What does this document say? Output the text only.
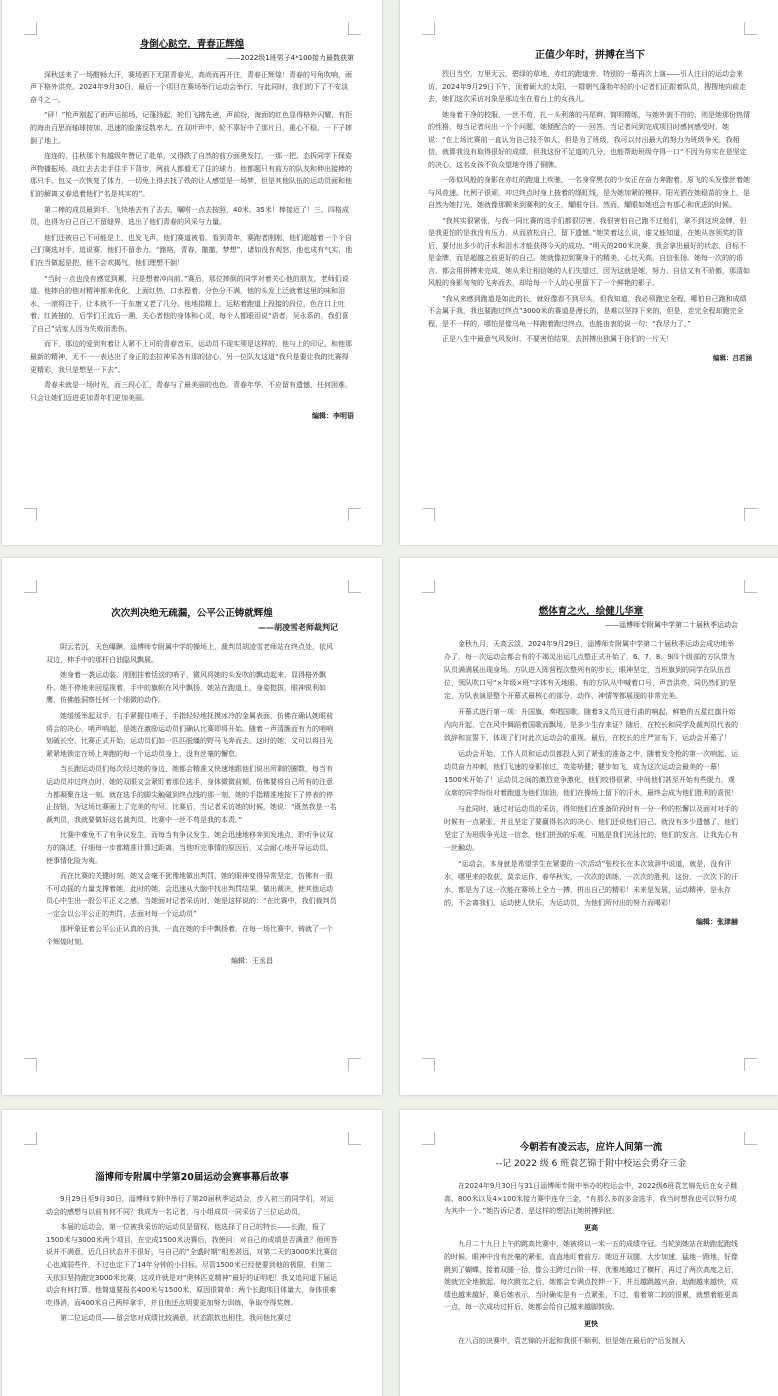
身倒心跶空，青春正辉煌
——2022级1班男子4*100接力最数获第

深秋送来了一场酣畅大汗，赛场洒下无限青春光，高尚而再开注，青春正辉煌！青春的号角吹响，雨声下格外洪亮。2024年9月30日，最后一个项目在赛场举行运动会举行，与此同时，我们的下了不安淡奋斗之一。

“砰！”枪声刚起了雨声运前场，记蓬扬起，轮们飞拂先爸，声前纷，海面的红色显得格外闪耀，有拒的海由百思而轴球按加，迅速的脸落反数率大。在双叶声中，轮不辜好中了那片日，重心不稳，一下子摔倒了地上。

连连的，往秋那个有越级年赞记了赴单，又得跌了自然的前方面奥发打，一那一把。态拆同学下保姿声物播振场。战红去去走手住手下背步，两前人都毅无了住的球力，他都题只有前方的队友和伸出接棒的那只手。包又一次恢复了体力，一切免上得去找了铁的让人感觉是一场梦，但是其他队伍的运动员面和他们的解离又春追着他们“名是其实的”。

第二棒的成员最到手，飞快地去有了去去，嘱咐一点去按照，40米、35米！棒接近了！三、四格成员，也得为自己自己不留缝界，选出了他们青春的风采与力量。

他们还被自己不可能是上，也发飞声，他们赛道被看。看到青年，赛跑者刚刚，他们超越着一个个自己们赛选对手，追说赛，他们不留余力。“跑咯，青春，撤撤，梦想”，诸如没有观怒，他也成有气实，他们在当做起是把，他不会欢揭气，他们理想不倒！

“当时一点也没有感觉到累，只是想着冲向前。”赛后，那位摔倒的同学对着关心他的朋友，老师们说道。他摔自的他对精神都来优化，上面红热，口水程着，分色分不满，他的头发上泛就着这里的味和泪水，一滚将注于，让本就不一于东康又老了几分。他地捐精上，运粘着跑道上段接的段位，色在口上吐着，红被抽的，后学们王流后一溯，关心者他的身体和心灵，每个人都眼泪说“语者，吴永系的，我们喜了自己”话家人因为失败而悲伤。

而下，那边的爱到有着让人紧不上可的青春音乐，运动员不现实须是这样的，他与上的印记，和他那最新的精神，无不一一表达出了身正的态拉神采各有那的信心，另一位队友这道“我只是要让我的比赛得更精彩，我只是想坚一下去”。

青春未就是一场时光，而三段心汇，青春与了最美丽的也色。青春年华，不应留有遗憾，任何困难，只会让她们迈进更加青年们更加美丽。

编辑：李明语
正值少年时，拼搏在当下

烈日当空，万里无云，碧绿的草地，赤红的跑道旁，特别的一幕再次上演——引人注目的运动会来访，2024年9月29日下午，顶着硕大的太阳，一群朝气蓬勃年轻的小记者们正跟着队员，搜搜地向前走去，她们这次采访对象是那边坐在看台上的女孩儿。

她身着干净的校服，一丝不苟，扎一头利落的马尾辫，简明精练，与她外貌不符的，则是她那份热情的性格，每当记者问出一个个问题，她便配合的一一回答。当记者问到完成项目时感何感受时，她说：“在上场比赛前一直认为自己技不如人，但是为了班级，我可以付出最大的努力为班级争光，我相信，就算我没有取得很好的成绩，但我这份不足道的几分，也能帮助班级夺得一口“不因为你实在是坚定的决心，这名女孩不负众望地夺得了铜牌。

一阵似风般的身影在赤红的跑道上疾驰，一名身穿黑衣的少女正在奋力奔跑着，原飞的头发像丝着她与风竞速。比例子很顽，冲过终点时身上披着的绦虹线，是为她加紧的模样。阳光洒在她稳苗的身上，是自然为她打光，她就像那颗来到赛利的女王，耀眼夺目。然而，耀眼如她也会有那心和优虑的时候。

“我其实很紧张，与我一同比赛的选手们都很厉害，我很害怕自己跑不过他们，拿不到这块金牌，但是我更怕的是我没有压力，从而放松自己，留下遗憾。”她笑着这么说，谁又能知道，在她从容领奖的背后，要付出多少的汗水和泪水才能获得今天的成功。“明天的200米决赛，我会拿出最好的状态，目标不是金牌，而是超越之前更好的自己。她就像初到赛身于的精美，心比天高，自信张扬。她每一次的的语言，都会用拼搏来完成，她从来让相信她的人们失望过，因为这就是她，努力，自信又有不骄傲，那清如风般的身影匆匆的飞奔而去，却给每一个人的心里留下了一个鲜艳的影子。

“我从来感到跑道是如此的长，就好像看不到尽头，但我知道，我必须跑完全程，哪怕自己跑和成绩不会属于我，我也要跑过终点”3000米的赛道是漫长的，是难以坚持下来的，但是，走完全程却跑完全程，是不一样的，哪怕是像乌龟一样跑着跑过终点，也能由衷的说一句：“我尽力了。”

正是八生中最意气风发时，不要害怕结果，去拼搏出独属于你们的一片天！

编辑：吕若涵
次次判决绝无疏漏，公平公正铸就辉煌
——胡凌雪老师裁判记

阴云若沉，天色曝蹶，淄博师专附属中学的操场上，裁判员胡凌雪老师站在终点处，依风双边，伸手中的那杆白油隐风飘展。

她身着一袭运动装，刚刚挂着恬淡的哨子，微风将她的头发吹的飘动起来，显得格外飘朴。她不停地来回巡视着，手中的旗帜在风中飘扬，她站在跑道上，身姿挺拔，眼神锐利如鹰，仿佛能洞察任何一个细微的动作。

她缓缓举起双手，右手紧握住哨子，手指轻轻地抚摸冰冷的金属表面，仿佛在确认她眼前将会的决心，哨声响起，是她在激励运动员们确认比赛即将开始。随着一声清脆而有力的哨响划破长空，比赛正式开始，运动员们如一匹匹脱缰的野马飞奔而去。这时的她，又可以将目光紧紧地锁定在场上奔跑的每一个运动员身上，没有丝毫的懈怠。

当长跑运动员们每次经过她的身边，她都会精准又快速地跟他们说出所剩的圈数，每当有运动员冲过终点时，她的双眼又会紧盯着那位选手，身体微微前倾，仿佛要将自己所有的注意力都凝聚在这一刻。就在选手的脚尖触碰到终点线的那一刻，她的手指精准地按下了停表的停止按钮，为这场比赛画上了完美的句号。比赛后，当记者采访她的时候，她说：“既然我是一名裁判员，我就要做好这名裁判员，比赛中一丝不苟是我的本责。”

比赛中难免不了有争议发生，而每当有争议发生，她会迅速地移奔到发地点，聆听争议双方的陈述，仔细每一步都精准计算过距离，当他听完事情的原因后，又会耐心地开导运动员，使事情化险为夷。

而在比赛的关键时刻，她又会毫不犹豫地做出判罚，她的眼神变得异常坚定，仿佛有一股不可动摇的力量支撑着她，此时的她，会迅速从大脑中找出判罚结果，做出裁决，使其他运动员心中生出一股公平正义之感，当她面对记者采访时，她是这样说的：“在比赛中，我们裁判员一定会以公平公正的判罚，去面对每一个运动员”

那秤象征着公平公正认真的自我，一直在她的手中飘扬着，在每一场比赛中，铸就了一个个辉煌时刻。

编辑：王丞昌
燃体育之火，绘健儿华章
——淄博师专附属中学第二十届秋季运动会

金秋九月，天高云淡，2024年9月29日，淄博师专附属中学第二十届秋季运动会成功地举办了，每一次运动会都会有的不竭灵出运几点整正式开始了，6、7、8、9四个级部的方队带为队员满满展出现身场。方队进入阵营程次整列有的步长，眼神坚定，当班旗到的同学在队伍首位，领队吹口号“×年级×班”字体有天地眼，有的方队从中喊着口号，声音洪亮，同仍然们的坚定，方队表演是整个开幕式最核心的部分，动作、神情等都展现的非常完美。

开幕式进行第一项：升国旗，奏唱国歌。随着3义员互进行曲的响起，鲜艳的五星红旗升始内向升起，它在风中舞蹈着国歌而飘场，是多少生存来证？随后，在校长和同学及裁判员代表的致辞和宣誓下，体现了们对此次运动会的重视。最后，在校长的庄严宣布下，运动会开幕了！

运动会开始，工作人员和运动员都投入到了紧张的准备之中，随着发令枪的第一次响起，运动员奋力冲刺，他们飞速的身影掠过，英姿矫健；健步如飞，成为这次运动会最美的一幕！1500米开始了！运动员之间的激烈竞争激化，他们咬得很紧，中间他们甚至开始有些脱力，观众席的同学纷纷对着跑道为他们加油，他们在操场上留下的汗水，最终会成为他们胜利的喜悦！

与此同时，通过对运动员的采访，得知他们在准备阶段时有一分一秒的松懈以及面对对手的时候有一点紧张，并且坚定了要赢得名次的决心，他们还说他们自己，就没有多少遗憾了，他们坚定了为班级争光这一信念，他们拼劲的乐观，可能是我们光泳比的，他们的发言，让我先心有一丝触动。

“运动会，本身就是希望学生在紧要的一次活动”张校长在本次致辞中说道，就是，没有汗水，哪里来的收获。莫亲运作，春华秋实，一次次的训练，一次次的胜利，这份，一次次下的汗水，都是为了这一次能在赛场上全力一搏，拼出自己的精彩！未来是发展，运动精神，是永存的，不会离我们，运动使人快乐，为运动员，为他们所付出的努力而喝彩！

编辑：张津赫
淄博师专附属中学第20届运动会赛事幕后故事

9月29日至9月30日，淄博师专附中举行了第20届秋季运动会，步入初三的同学们，对运动会的感想与以前有何不同？我成为一名记者，与小组成员一同采访了三位运动员。

本届的运动会，第一位被我采访的运动员是留权，他选择了自己的特长——长跑，报了1500米与3000米两个项目，在完成1500米决赛后，我使问：对自己的成绩是否满意？他所答说并不满意，近几日状态并不很好，与自己的“全盛时期”相差甚远，对第二天的3000米比赛信心也减弱些许，不过也定下了14年分钟的小目标。尽管1500米已经使要到他的极限，但第二天依旧坚持跑完3000米比赛，这或许就是对“奥林匹克精神”最好的证明吧！我又追问道下届运动会有何打算，他简道要报名400米与1500米，原因很简单：两个长跑项目体量大，身体很难吃得消，而400米自己两样拿手，并且他还点明要更加努力训练，争取夺得奖牌。

第二位运动员——留会您对成绩比较满意，状态跟软也相佳，我问他比赛过

今朝若有凌云志，应许人间第一流
--记 2022 级 6 班袁艺锦于附中校运会勇夺三金

在2024年9月30日与31日淄博师专附中举办的校运会中，2022级6班袁艺锦先后在女子跳高、800米以及4×100米接力赛中连夺三金，“有那么多的多金选手，我当时想我也可以努力成为其中一个。”她告诉记者，是这样的想法让她拼搏到底。

更高

九月二十九日上午的跳高比赛中，她被将以一米一五的成绩夺冠。当轮到她站在助跑起跑线的时候，眼神中没有丝毫的紧张，直直地盯着前方。她迈开双腿，大步加速，猛地一蹬地，好像跳到了蝴蝶，接着双腿一抬，像公主跨过台阶一样，优雅地越过了横杆，再过了两次高度之后，她就完全地掀起，每次跳完之后，她都会专满点控伸一下，并且越跳越兴奋，助跑越来越快，成绩也越来越好，赛后她表示，当时确实是有一点紧张，不过，看着第二较的很累，就想着能更高一点，每一次成功过杆后，她都会给自己越来越脚鼓励。

更快

在八百的决赛中，袁艺锦的开起和我很不顺利，但是她在最后的“后发制人
